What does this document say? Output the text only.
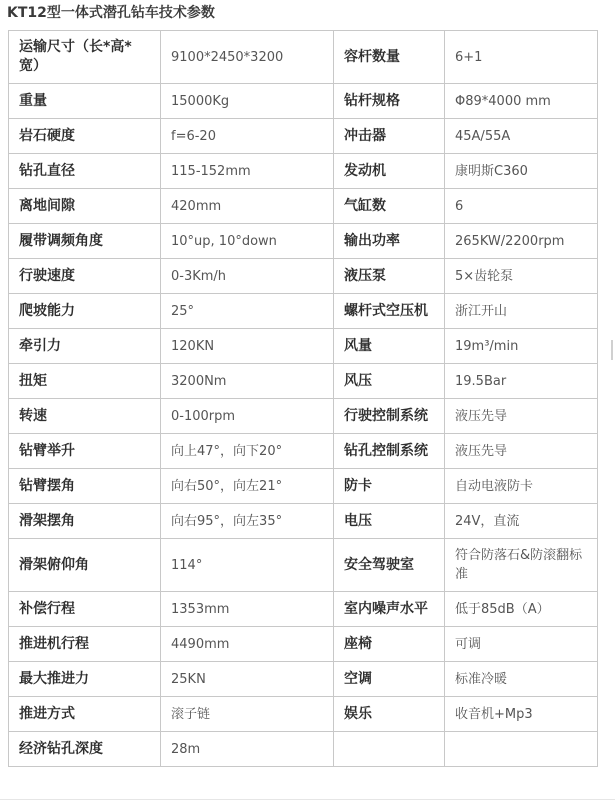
KT12型一体式潜孔钻车技术参数
运输尺寸（长*高*宽）	9100*2450*3200	容杆数量	6+1
重量	15000Kg	钻杆规格	Φ89*4000 mm
岩石硬度	f=6-20	冲击器	45A/55A
钻孔直径	115-152mm	发动机	康明斯C360
离地间隙	420mm	气缸数	6
履带调频角度	10°up, 10°down	输出功率	265KW/2200rpm
行驶速度	0-3Km/h	液压泵	5×齿轮泵
爬坡能力	25°	螺杆式空压机	浙江开山
牵引力	120KN	风量	19m³/min
扭矩	3200Nm	风压	19.5Bar
转速	0-100rpm	行驶控制系统	液压先导
钻臂举升	向上47°，向下20°	钻孔控制系统	液压先导
钻臂摆角	向右50°，向左21°	防卡	自动电液防卡
滑架摆角	向右95°，向左35°	电压	24V，直流
滑架俯仰角	114°	安全驾驶室	符合防落石&防滚翻标准
补偿行程	1353mm	室内噪声水平	低于85dB（A）
推进机行程	4490mm	座椅	可调
最大推进力	25KN	空调	标准冷暖
推进方式	滚子链	娱乐	收音机+Mp3
经济钻孔深度	28m		
